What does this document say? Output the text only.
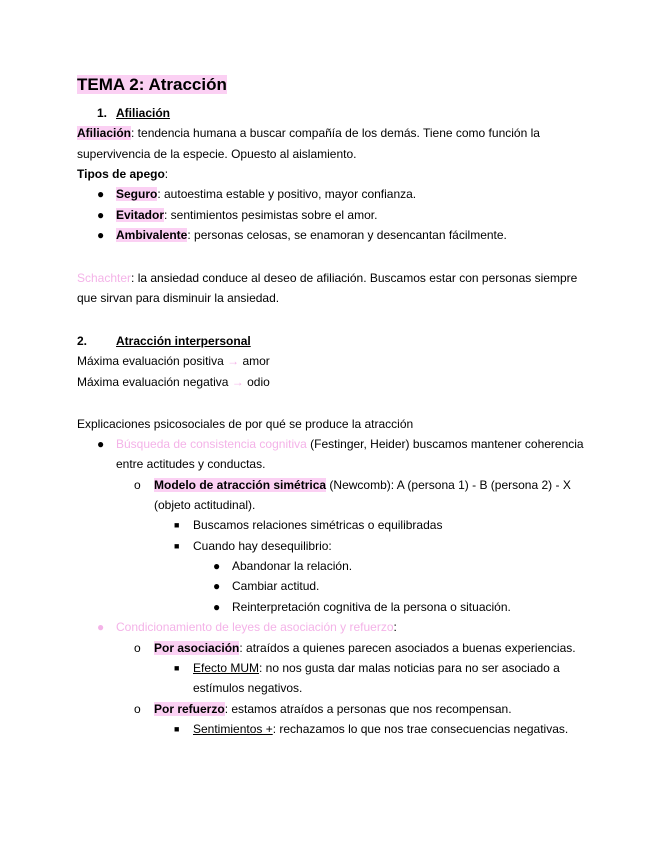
TEMA 2: Atracción
1. Afiliación
Afiliación: tendencia humana a buscar compañía de los demás. Tiene como función la
supervivencia de la especie. Opuesto al aislamiento.
Tipos de apego:
● Seguro: autoestima estable y positivo, mayor confianza.
● Evitador: sentimientos pesimistas sobre el amor.
● Ambivalente: personas celosas, se enamoran y desencantan fácilmente.
Schachter: la ansiedad conduce al deseo de afiliación. Buscamos estar con personas siempre
que sirvan para disminuir la ansiedad.
2. Atracción interpersonal
Máxima evaluación positiva → amor
Máxima evaluación negativa → odio
Explicaciones psicosociales de por qué se produce la atracción
● Búsqueda de consistencia cognitiva (Festinger, Heider) buscamos mantener coherencia
entre actitudes y conductas.
o Modelo de atracción simétrica (Newcomb): A (persona 1) - B (persona 2) - X
(objeto actitudinal).
■ Buscamos relaciones simétricas o equilibradas
■ Cuando hay desequilibrio:
● Abandonar la relación.
● Cambiar actitud.
● Reinterpretación cognitiva de la persona o situación.
● Condicionamiento de leyes de asociación y refuerzo:
o Por asociación: atraídos a quienes parecen asociados a buenas experiencias.
■ Efecto MUM: no nos gusta dar malas noticias para no ser asociado a
estímulos negativos.
o Por refuerzo: estamos atraídos a personas que nos recompensan.
■ Sentimientos +: rechazamos lo que nos trae consecuencias negativas.
